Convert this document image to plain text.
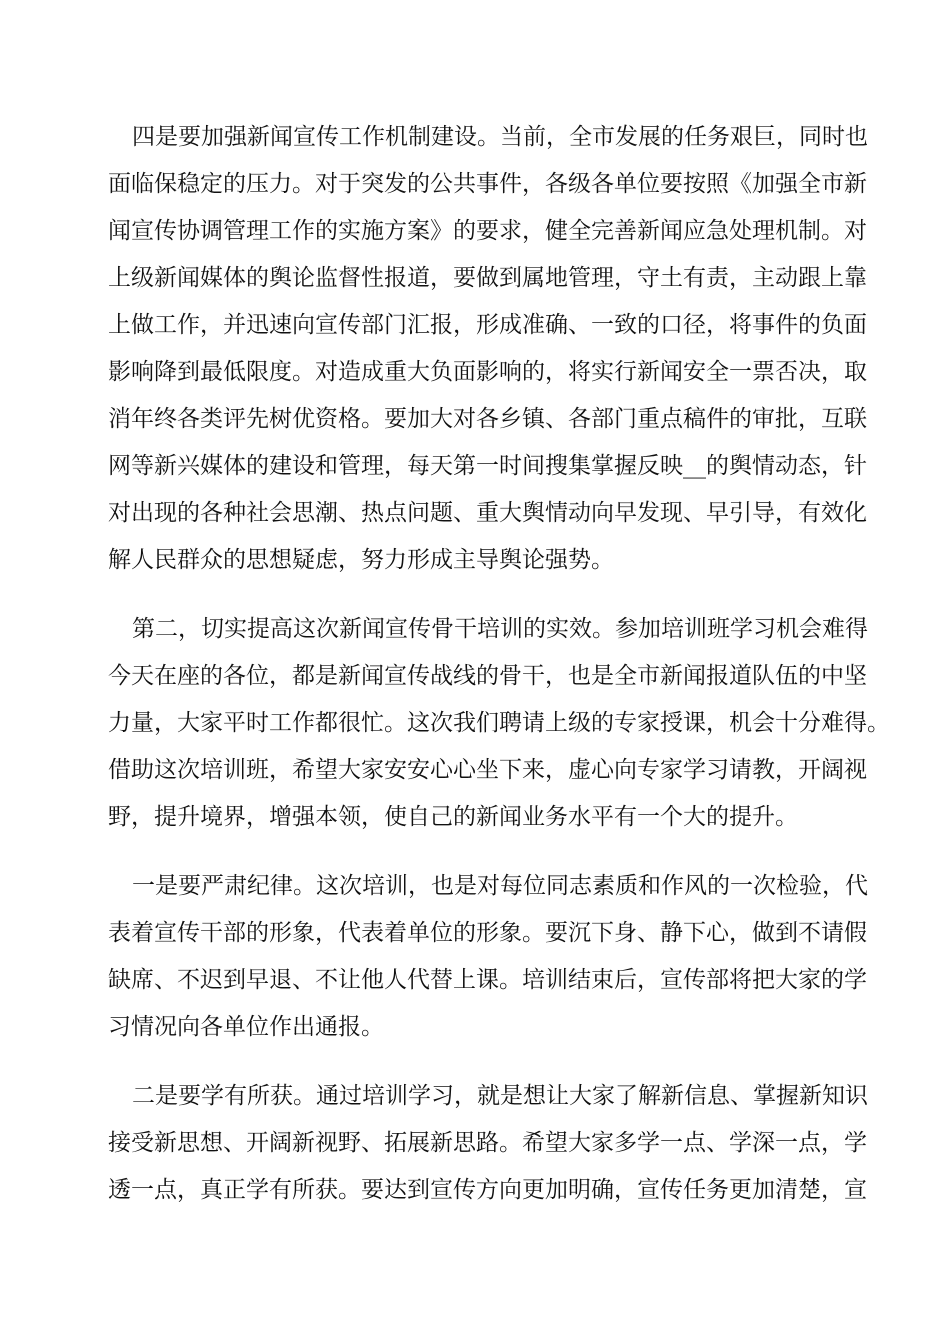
四是要加强新闻宣传工作机制建设。当前，全市发展的任务艰巨，同时也
面临保稳定的压力。对于突发的公共事件，各级各单位要按照《加强全市新
闻宣传协调管理工作的实施方案》的要求，健全完善新闻应急处理机制。对
上级新闻媒体的舆论监督性报道，要做到属地管理，守土有责，主动跟上靠
上做工作，并迅速向宣传部门汇报，形成准确、一致的口径，将事件的负面
影响降到最低限度。对造成重大负面影响的，将实行新闻安全一票否决，取
消年终各类评先树优资格。要加大对各乡镇、各部门重点稿件的审批，互联
网等新兴媒体的建设和管理，每天第一时间搜集掌握反映__的舆情动态，针
对出现的各种社会思潮、热点问题、重大舆情动向早发现、早引导，有效化
解人民群众的思想疑虑，努力形成主导舆论强势。
第二，切实提高这次新闻宣传骨干培训的实效。参加培训班学习机会难得
今天在座的各位，都是新闻宣传战线的骨干，也是全市新闻报道队伍的中坚
力量，大家平时工作都很忙。这次我们聘请上级的专家授课，机会十分难得。
借助这次培训班，希望大家安安心心坐下来，虚心向专家学习请教，开阔视
野，提升境界，增强本领，使自己的新闻业务水平有一个大的提升。
一是要严肃纪律。这次培训，也是对每位同志素质和作风的一次检验，代
表着宣传干部的形象，代表着单位的形象。要沉下身、静下心，做到不请假
缺席、不迟到早退、不让他人代替上课。培训结束后，宣传部将把大家的学
习情况向各单位作出通报。
二是要学有所获。通过培训学习，就是想让大家了解新信息、掌握新知识
接受新思想、开阔新视野、拓展新思路。希望大家多学一点、学深一点，学
透一点，真正学有所获。要达到宣传方向更加明确，宣传任务更加清楚，宣
